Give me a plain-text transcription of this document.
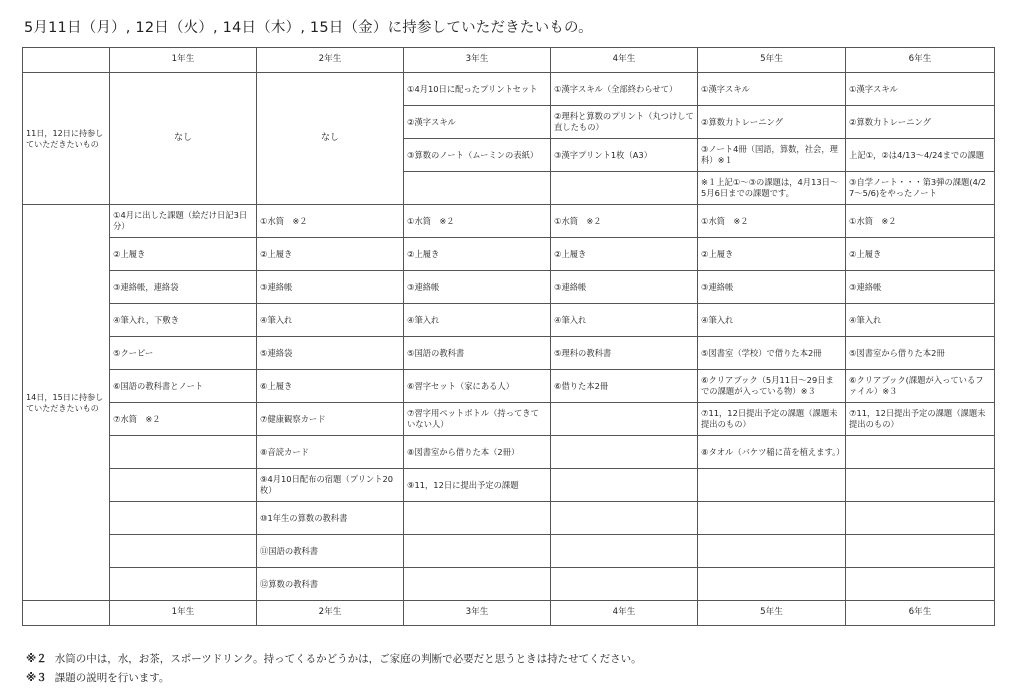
5月11日（月）, 12日（火）, 14日（木）, 15日（金）に持参していただきたいもの。
	1年生	2年生	3年生	4年生	5年生	6年生
11日，12日に持参していただきたいもの	なし	なし	①4月10日に配ったプリントセット	①漢字スキル（全部終わらせて）	①漢字スキル	①漢字スキル
			②漢字スキル	②理科と算数のプリント（丸つけして直したもの）	②算数力トレーニング	②算数力トレーニング
			③算数のノート（ムーミンの表紙）	③漢字プリント1枚（A3）	③ノート4冊（国語，算数，社会，理科）※１	上記①，②は4/13〜4/24までの課題
					※１上記①〜③の課題は，4月13日〜5月6日までの課題です。	③自学ノート・・・第3弾の課題(4/27〜5/6)をやったノート
14日，15日に持参していただきたいもの	①4月に出した課題（絵だけ日記3日分）	①水筒　※２	①水筒　※２	①水筒　※２	①水筒　※２	①水筒　※２
	②上履き	②上履き	②上履き	②上履き	②上履き	②上履き
	③連絡帳，連絡袋	③連絡帳	③連絡帳	③連絡帳	③連絡帳	③連絡帳
	④筆入れ，下敷き	④筆入れ	④筆入れ	④筆入れ	④筆入れ	④筆入れ
	⑤クーピー	⑤連絡袋	⑤国語の教科書	⑤理科の教科書	⑤図書室（学校）で借りた本2冊	⑤図書室から借りた本2冊
	⑥国語の教科書とノート	⑥上履き	⑥習字セット（家にある人）	⑥借りた本2冊	⑥クリアブック（5月11日〜29日までの課題が入っている物）※３	⑥クリアブック(課題が入っているファイル）※３
	⑦水筒　※２	⑦健康観察カード	⑦習字用ペットボトル（持ってきていない人）		⑦11，12日提出予定の課題（課題未提出のもの）	⑦11，12日提出予定の課題（課題未提出のもの）
		⑧音読カード	⑧図書室から借りた本（2冊）		⑧タオル（バケツ稲に苗を植えます。）	
		⑨4月10日配布の宿題（プリント20枚）	⑨11，12日に提出予定の課題			
		⑩1年生の算数の教科書				
		⑪国語の教科書				
		⑫算数の教科書				
	1年生	2年生	3年生	4年生	5年生	6年生
※２ 水筒の中は，水，お茶，スポーツドリンク。持ってくるかどうかは，ご家庭の判断で必要だと思うときは持たせてください。
※３ 課題の説明を行います。
